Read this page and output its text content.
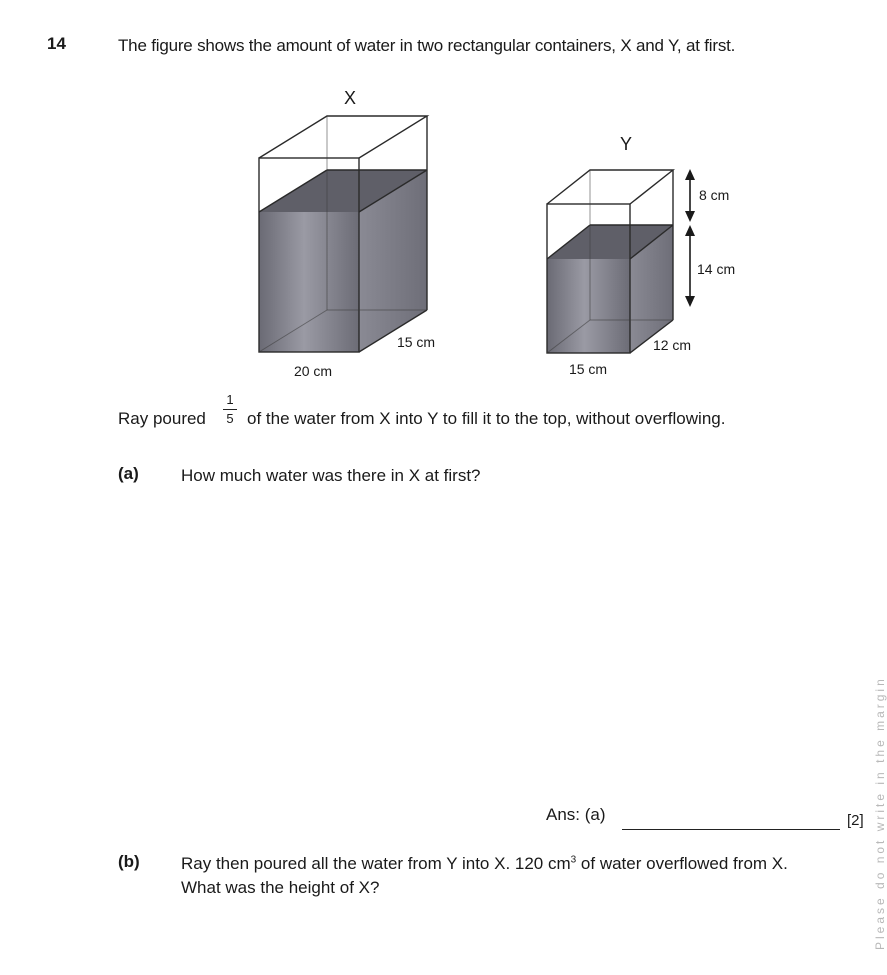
14	The figure shows the amount of water in two rectangular containers, X and Y, at first.
X
20 cm
15 cm
Y
8 cm
14 cm
15 cm
12 cm
Ray poured
1
5 of the water from X into Y to fill it to the top, without overflowing.
(a) How much water was there in X at first?
Ans: (a)	[2]
(b) Ray then poured all the water from Y into X. 120 $cm^3$ of water overflowed from X.
What was the height of X?	Please do not write in the margin
